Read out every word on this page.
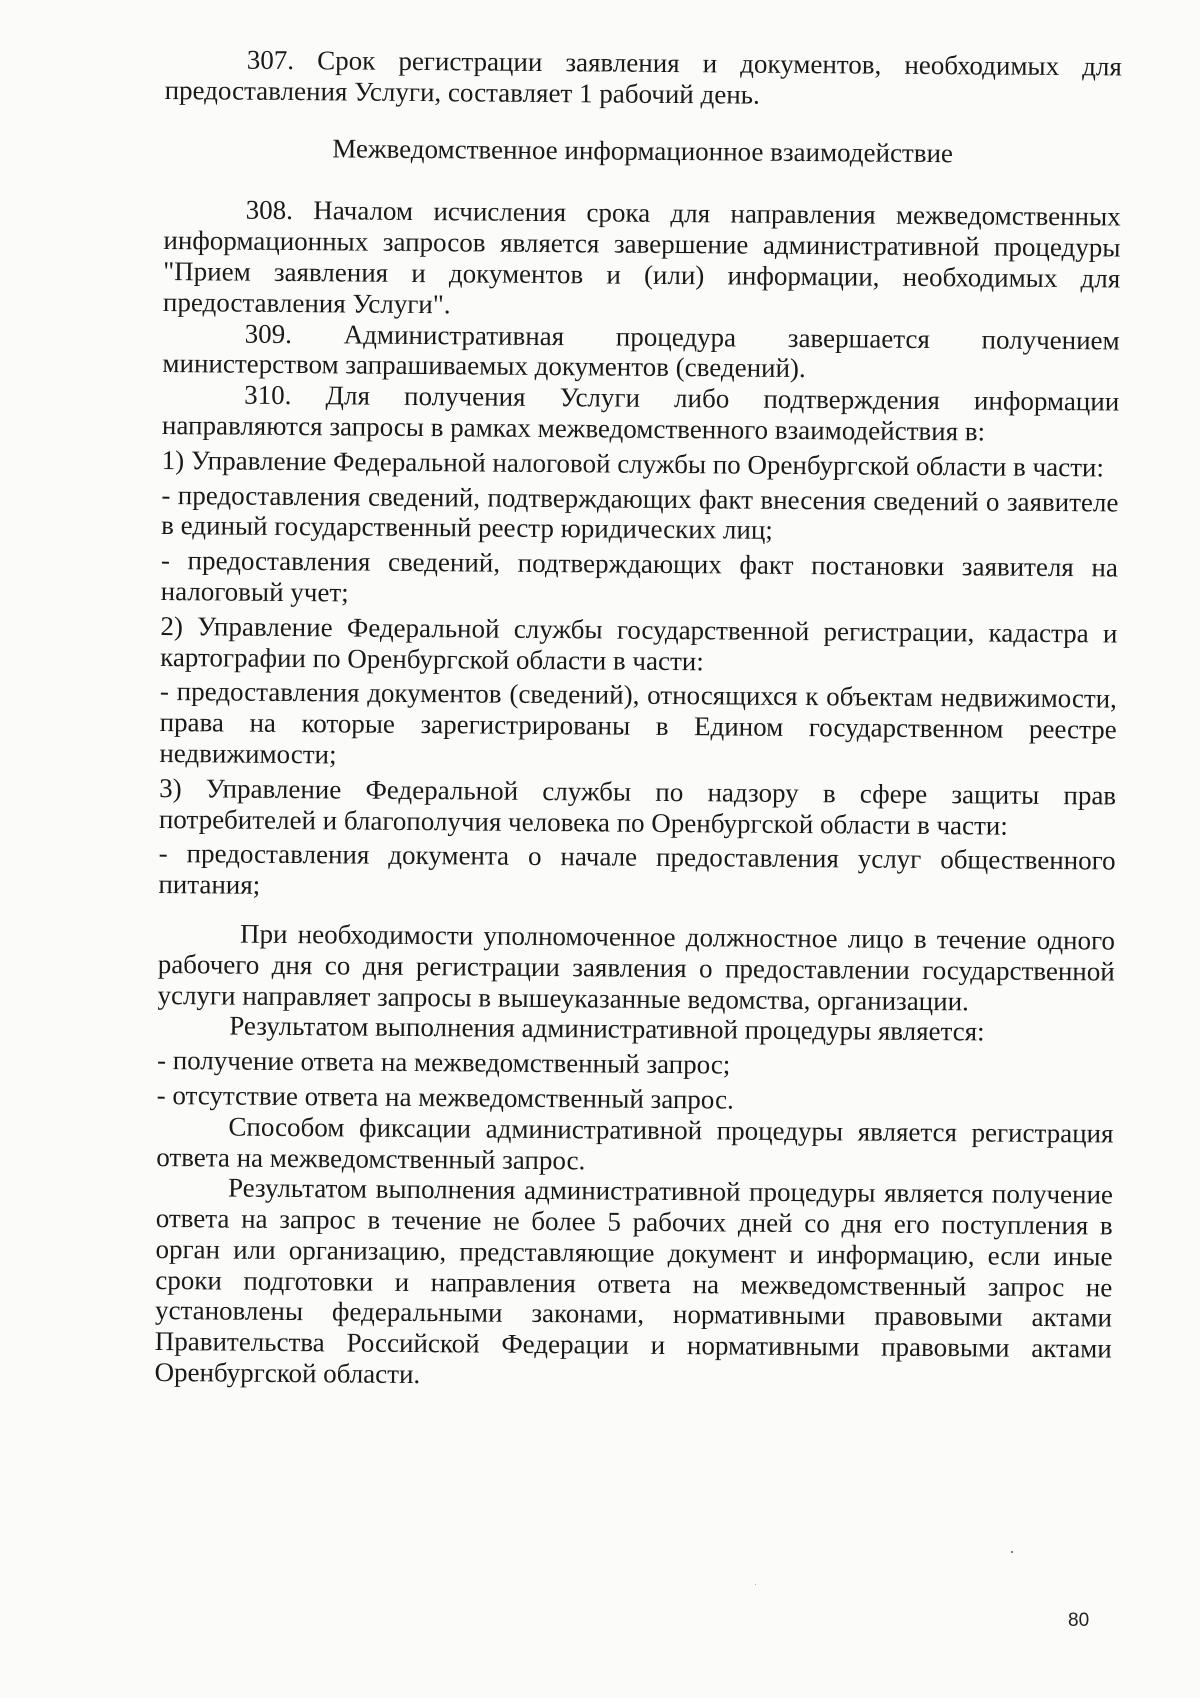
307. Срок регистрации заявления и документов, необходимых для предоставления Услуги, составляет 1 рабочий день.

Межведомственное информационное взаимодействие

308. Началом исчисления срока для направления межведомственных информационных запросов является завершение административной процедуры "Прием заявления и документов и (или) информации, необходимых для предоставления Услуги".

309. Административная процедура завершается получением министерством запрашиваемых документов (сведений).

310. Для получения Услуги либо подтверждения информации направляются запросы в рамках межведомственного взаимодействия в:

1) Управление Федеральной налоговой службы по Оренбургской области в части:

- предоставления сведений, подтверждающих факт внесения сведений о заявителе в единый государственный реестр юридических лиц;

- предоставления сведений, подтверждающих факт постановки заявителя на налоговый учет;

2) Управление Федеральной службы государственной регистрации, кадастра и картографии по Оренбургской области в части:

- предоставления документов (сведений), относящихся к объектам недвижимости, права на которые зарегистрированы в Едином государственном реестре недвижимости;

3) Управление Федеральной службы по надзору в сфере защиты прав потребителей и благополучия человека по Оренбургской области в части:

- предоставления документа о начале предоставления услуг общественного питания;

При необходимости уполномоченное должностное лицо в течение одного рабочего дня со дня регистрации заявления о предоставлении государственной услуги направляет запросы в вышеуказанные ведомства, организации.

Результатом выполнения административной процедуры является:

- получение ответа на межведомственный запрос;

- отсутствие ответа на межведомственный запрос.

Способом фиксации административной процедуры является регистрация ответа на межведомственный запрос.

Результатом выполнения административной процедуры является получение ответа на запрос в течение не более 5 рабочих дней со дня его поступления в орган или организацию, представляющие документ и информацию, если иные сроки подготовки и направления ответа на межведомственный запрос не установлены федеральными законами, нормативными правовыми актами Правительства Российской Федерации и нормативными правовыми актами Оренбургской области.

80
